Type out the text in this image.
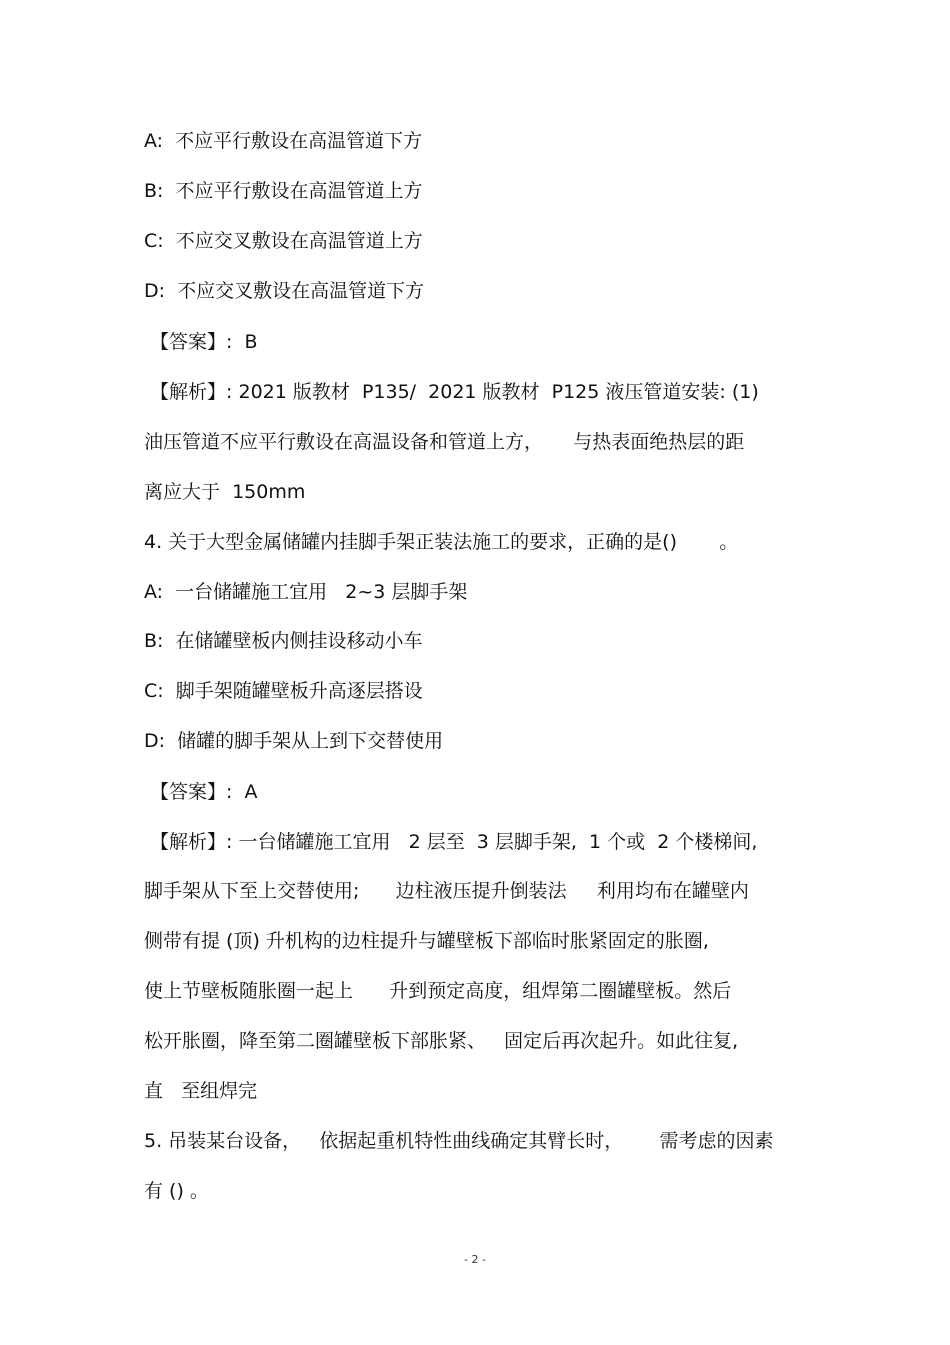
A:  不应平行敷设在高温管道下方

B:  不应平行敷设在高温管道上方

C:  不应交叉敷设在高温管道上方

D:  不应交叉敷设在高温管道下方

【答案】:  B

【解析】: 2021 版教材  P135/  2021 版教材  P125 液压管道安装: (1)

油压管道不应平行敷设在高温设备和管道上方，     与热表面绝热层的距

离应大于  150mm

4. 关于大型金属储罐内挂脚手架正装法施工的要求，正确的是()       。

A:  一台储罐施工宜用   2~3 层脚手架

B:  在储罐壁板内侧挂设移动小车

C:  脚手架随罐壁板升高逐层搭设

D:  储罐的脚手架从上到下交替使用

【答案】:  A

【解析】: 一台储罐施工宜用   2 层至  3 层脚手架,  1 个或  2 个楼梯间,

脚手架从下至上交替使用;      边柱液压提升倒装法     利用均布在罐壁内

侧带有提 (顶) 升机构的边柱提升与罐壁板下部临时胀紧固定的胀圈,

使上节壁板随胀圈一起上      升到预定高度，组焊第二圈罐壁板。然后

松开胀圈，降至第二圈罐壁板下部胀紧、   固定后再次起升。如此往复,

直   至组焊完

5. 吊装某台设备，   依据起重机特性曲线确定其臂长时，      需考虑的因素

有 () 。

- 2 -
